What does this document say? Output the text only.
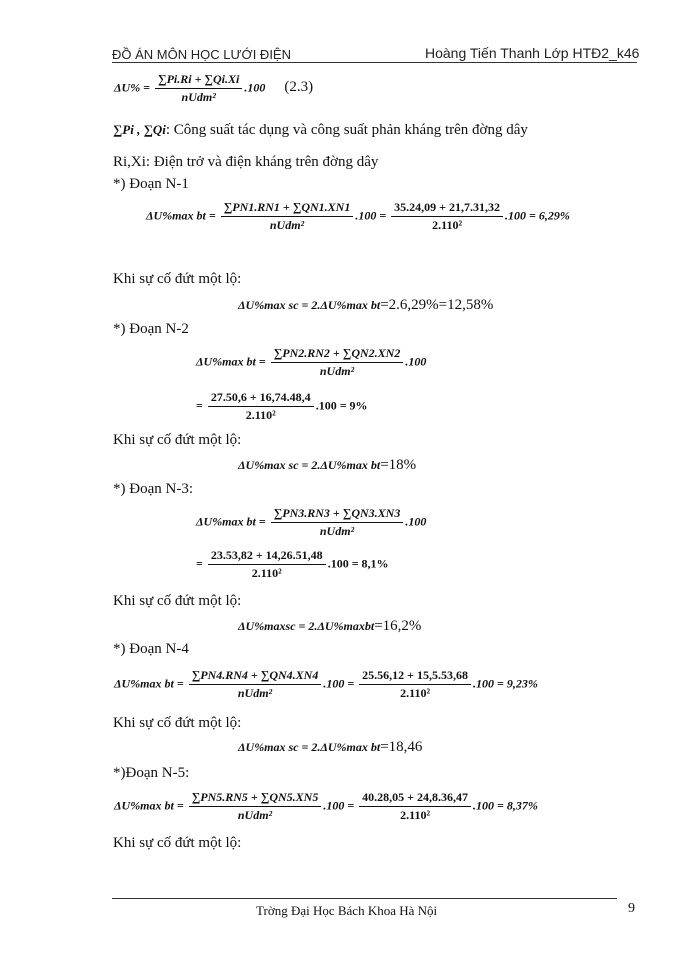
ĐỒ ÁN MÔN HỌC LƯỚI ĐIỆN	Hoàng Tiến Thanh Lớp HTĐ2_k46
$\Delta U\% = \frac{\sum Pi.Ri + \sum Qi.Xi}{\text{nUdm²}} .100$ (2.3)
∑Pi , ∑Qi: Công suất tác dụng và công suất phản kháng trên đờng dây
Ri,Xi: Điện trở và điện kháng trên đờng dây
*) Đoạn N-1
ΔU%max bt = $\frac{\sum PN1.RN1 + \sum QN1.XN1}{\text{nUdm²}} .100 = \frac{35.24,09 + 21,7.31,32}{\text{2.110²}} .100 = 6,29\%$
Khi sự cố đứt một lộ:
ΔU%max sc = 2.ΔU%max bt=2.6,29%=12,58%
*) Đoạn N-2
ΔU%max bt = $\frac{\sum PN2.RN2 + \sum QN2.XN2}{\text{nUdm²}} .100$
= $\frac{27.50,6 + 16,74.48,4}{\text{2.110²}} .100 = 9\%$
Khi sự cố đứt một lộ:
ΔU%max sc = 2.ΔU%max bt=18%
*) Đoạn N-3:
ΔU%max bt = $\frac{\sum PN3.RN3 + \sum QN3.XN3}{\text{nUdm²}} .100$
= $\frac{23.53,82 + 14,26.51,48}{\text{2.110²}} .100 = 8,1\%$
Khi sự cố đứt một lộ:
ΔU%maxsc = 2.ΔU%maxbt=16,2%
*) Đoạn N-4
ΔU%max bt = $\frac{\sum PN4.RN4 + \sum QN4.XN4}{\text{nUdm²}} .100 = \frac{25.56,12 + 15,5.53,68}{\text{2.110²}} .100 = 9,23\%$
Khi sự cố đứt một lộ:
ΔU%max sc = 2.ΔU%max bt=18,46
*)Đoạn N-5:
ΔU%max bt = $\frac{\sum PN5.RN5 + \sum QN5.XN5}{\text{nUdm²}} .100 = \frac{40.28,05 + 24,8.36,47}{\text{2.110²}} .100 = 8,37\%$
Khi sự cố đứt một lộ:
Trờng Đại Học Bách Khoa Hà Nội	9
